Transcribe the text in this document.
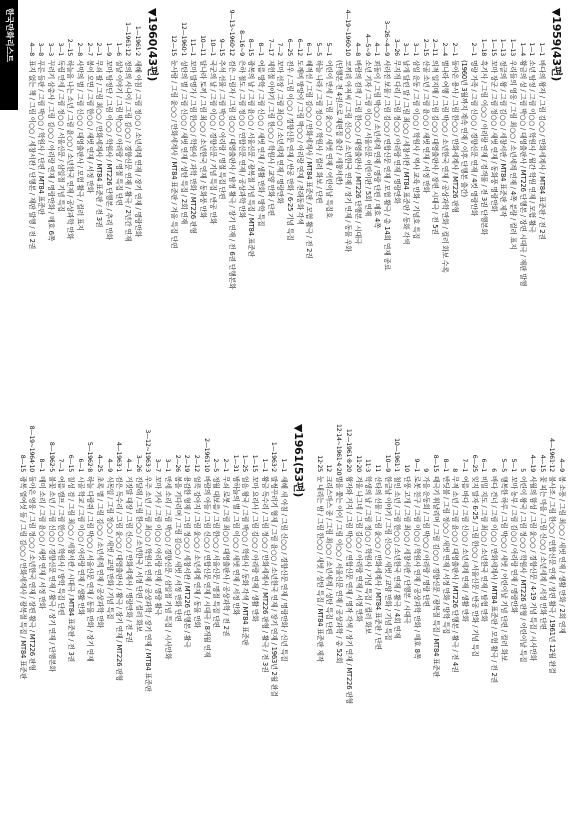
▼1959(43편)
1—1
바다의 왕자 / 그림 김○○ / 만화세계사 / MT84 표준판 / 전 2권
1—1
소년 탐정 / 그림 이○○ / 학원사 / 월간 학원 연재 / 모험 활극
1—4
황금의 성 / 그림 박○○ / 대영출판사 / MT226 단행본 / 장편 시대극 / 재판 발행
1—13
우리들의 영웅 / 그림 최○○ / 소년세계 연재 / 4쪽 분량 / 컬러 표지
1—13
정글의 왕 / 그림 김○○ / 세창서관 / MT84 표준판 제작
1—15
꼬마 장군 / 그림 정○○ / 새벗 연재 / 동화풍 명랑만화
1—18
흑기사 / 그림 이○○ / 아리랑 연재 / 검객물 / 전 3권 단행본화
2—1
명랑 가족 / 그림 신○○ / 경향신문 연재 / 4컷 명랑만화
(1960년 3월까지 계속 연재 / 이후 단행본 출간)
2—1
돌아온 용사 / 그림 한○○ / 만화세계사 / MT226 판형
2—4
별나라 여행 / 그림 박○○ / 소년한국 연재 / 공상과학 만화 / 컬러 화보 수록
2—11
의적 일지매 / 그림 김○○ / 대영출판사 / 장편 시대극 / 전 5권
2—15
산골 소년 / 그림 윤○○ / 새벗 연재 / 서정 만화
3—1
삼일 운동 / 그림 이○○ / 학원사 / 역사 교육 만화 / 기념호 특집
3—1
날개 달린 말 / 그림 최○○ / 세창서관 / MT84 표준판 / 동화 각색
3—26
무지개 다리 / 그림 정○○ / 아리랑 연재 / 명랑만화
3—26~4—9
사라진 보물 / 그림 김○○ / 연합신문 연재 / 모험 활극 / 총 14회 연재 종료
4—1
꾀돌이 / 그림 박○○ / 소년세계 연재 / 명랑 단편 / 매호 4쪽
4—5~9
소년 기자 / 그림 이○○ / 서울신문 어린이판 / 5회 연재
4—8
바람의 검객 / 그림 한○○ / 대영출판사 / MT226 단행본 / 시대극
4—19~1960·10
코끼리 아저씨 / 그림 신○○ / 소년한국 연재 / 장기 연재 / 동물 우화
(단행본 전 4권으로 재편집 출간 / 세창서관)
5—1
어린이 만세 / 그림 윤○○ / 새벗 연재 / 어린이날 특집호
5—5
하늘 나라 / 그림 정○○ / 학원사 / 컬러 화보 / 단편
6—1
해적선 / 그림 김○○ / 만화세계사 / MT84 표준판 / 모험 활극 / 전 2권
6—12
도깨비 방망이 / 그림 박○○ / 아리랑 연재 / 전래동화 각색
6—25
전우 / 그림 이○○ / 경향신문 연재 / 반공 만화 / 6·25 기념 특집
7—2
꼬마 선장 / 그림 최○○ / 소년세계 연재 / 명랑만화
7—17
제헌절 이야기 / 그림 한○○ / 학원사 / 교양 만화 / 단편
8—1
여름 방학 / 그림 신○○ / 새벗 연재 / 생활 만화 / 방학 특집
8—15
광복의 날 / 그림 윤○○ / 서울신문 / 광복절 기념 특집 / MT84 표준판
8—16~9
은하 철도 / 그림 정○○ / 연합신문 연재 / 공상과학 만화
9—13~1960·12
검은 그림자 / 그림 김○○ / 대영출판사 / 탐정 활극 / 장기 연재 / 전 6권 단행본화
9—15
추석 선물 / 그림 박○○ / 아리랑 / 명절 특집 단편
10—1
국군의 날 / 그림 이○○ / 경향신문 / 기념 특집 / 반공 만화
10—11
달나라 토끼 / 그림 최○○ / 소년한국 연재 / 동화풍 만화
11—1
꼬마 발명가 / 그림 한○○ / 학원사 / 과학 만화 / MT226 판형
12—1960·1
성탄의 별 / 그림 신○○ / 새벗 연재 / 성탄 특집 / 2회 연재
12—15
눈사람 / 그림 윤○○ / 만화세계사 / MT84 표준판 / 겨울 특집 단편
▼1960(43편)
1—1961·2
새해 아침 / 그림 정○○ / 소년세계 연재 / 장기 연재 / 명랑만화
1—1961·12
정의의 사나이 / 그림 김○○ / 경향신문 연재 / 활극 / 2년간 연재
1—6
설날 이야기 / 그림 박○○ / 아리랑 / 명절 특집 단편
1—9
꼬마 탐정단 / 그림 이○○ / 학원사 / MT226 단행본 / 추리 만화
2—1
무쇠 팔 / 그림 최○○ / 만화세계사 / MT84 표준판 / 전 3권
2—7
봄이 오면 / 그림 한○○ / 새벗 연재 / 서정 만화
2—8
사막의 별 / 그림 신○○ / 대영출판사 / 모험 활극 / 컬러 표지
2—15
하늘을 나는 소년 / 그림 윤○○ / 소년한국 연재 / 공상과학 만화
3—1
독립 만세 / 그림 정○○ / 서울신문 / 삼일절 기념 특집
3—3
꾸러기 삼총사 / 그림 김○○ / 아리랑 연재 / 명랑만화 / 매호 6쪽
3—8
푸른 들판 / 그림 박○○ / 학원사 / 단편 / MT84 표준판
4—8
표지 없는 책 / 그림 이○○ / 세창서관 / 단행본 / 재판 발행 / 전 2권
4—9
봄 소풍 / 그림 최○○ / 새벗 연재 / 생활 만화 / 2회 연재
4—1961·12
불사조 / 그림 한○○ / 연합신문 연재 / 장편 활극 / 1961년 12월 완결
4—15
꽃 피는 마을 / 그림 신○○ / 소년세계 / 서정 만화 단편
4—19
사월의 함성 / 그림 윤○○ / 경향신문 / 4·19 기념 특집 / 시사만화
5
어린이 왕국 / 그림 정○○ / 학원사 / MT226 판형 / 어린이날 특집
5—1
꼬마 농부 / 그림 김○○ / 아리랑 연재 / 명랑만화
5—5
행복한 하루 / 그림 박○○ / 새벗 / 어린이날 기념 단편 / 컬러 화보
6
바다 건너 / 그림 이○○ / 만화세계사 / MT84 표준판 / 모험 활극 / 전 2권
6—1
비밀 지도 / 그림 최○○ / 소년한국 연재 / 탐험 만화
6—25
잊지 말자 6·25 / 그림 한○○ / 서울신문 / 반공 만화 / 기념 특집
7—1
여름 바다 / 그림 신○○ / 소년세계 연재 / 생활 만화
8
무적 소년 / 그림 윤○○ / 대영출판사 / MT226 단행본 / 활극 / 전 4권
8—1
반딧불 / 그림 정○○ / 새벗 연재 / 서정 만화 / 방학 특집
8—15
태극기 휘날리며 / 그림 김○○ / 경향신문 / 광복절 특집 / MT84 표준판
9
가을 운동회 / 그림 박○○ / 아리랑 / 명랑 단편
9—1
로봇 친구 / 그림 이○○ / 학원사 연재 / 공상과학 만화 / 매호 8쪽
10
단풍 고개 / 그림 최○○ / 세창서관 / 단행본 / 시대극
10—1961·1
철인 소년 / 그림 한○○ / 소년한국 연재 / 활극 / 4회 연재
10—9
한글날 이야기 / 그림 신○○ / 새벗 / 교양 만화 / 기념 특집
11
산타의 선물 / 그림 윤○○ / 만화세계사 / MT84 표준판 / 단편
11·3
학생의 날 / 그림 정○○ / 학원사 / 기념 특집 / 컬러 화보
11·20
겨울 나그네 / 그림 김○○ / 아리랑 연재 / 서정 만화
12—1961·8·20
왕자와 거지 / 그림 박○○ / 연합신문 연재 / 명작 각색 / 장기 연재 / MT226 판형
12·14~1961·4·20
별을 쫓는 아이 / 그림 이○○ / 서울신문 연재 / 공상과학 / 총 52회
12
크리스마스 종 / 그림 최○○ / 소년세계 / 성탄 특집 단편
12·25
눈 내리는 밤 / 그림 한○○ / 새벗 / 성탄 특집 / MT84 표준판 제작
▼1961(53편)
1—1
새해 새 아침 / 그림 신○○ / 경향신문 연재 / 명랑만화 / 신년 특집
1—1963·2
말썽꾸러기 형제 / 그림 윤○○ / 소년한국 연재 / 장기 연재 / 1963년 2월 완결
1—1
황금 독수리 / 그림 정○○ / 만화세계사 / MT226 판형 / 활극 / 전 3권
1—15
꼬마 요리사 / 그림 김○○ / 아리랑 연재 / 생활 만화
1—25
얼음 왕국 / 그림 박○○ / 학원사 / 동화 각색 / MT84 표준판
1—31
밤하늘의 별 / 그림 이○○ / 새벗 연재 / 서정 만화
2—1
무쇠 로봇 / 그림 최○○ / 대영출판사 / 공상과학 / 전 2권
2—5
정월 대보름 / 그림 한○○ / 서울신문 / 명절 특집 단편
2—1961·10
바람의 아들 / 그림 신○○ / 연합신문 연재 / 시대극 / 8개월 연재
2—12
얼룩 강아지 / 그림 윤○○ / 소년세계 연재 / 동물 만화
2—19
용감한 형제 / 그림 정○○ / 세창서관 / MT226 단행본 / 활극
2—26
봄을 기다리며 / 그림 김○○ / 새벗 / 서정 만화 단편
3—1
만세 소리 / 그림 박○○ / 경향신문 / 삼일절 기념 특집 / 시사만화
3—7
꼬마 기사 / 그림 이○○ / 아리랑 연재 / 명랑 활극
3—12~1963·3
우주 소년 / 그림 최○○ / 학원사 연재 / 공상과학 / 장기 연재 / MT84 표준판
3—26
진달래 / 그림 한○○ / 소년한국 / 서정 단편 / 컬러 화보
4—1
거짓말 대장 / 그림 신○○ / 만화세계사 / 명랑만화 / 전 2권
4—1963·1
검은 독수리 / 그림 윤○○ / 대영출판사 / 활극 / 장기 연재 / MT226 판형
4—9
식목일 / 그림 정○○ / 새벗 / 교양 만화 / 기념 특집
4—25
초록 별 / 그림 김○○ / 소년세계 연재 / 공상과학 만화
5—1962·8
하늘 다람쥐 / 그림 박○○ / 서울신문 연재 / 동물 만화 / 장기 연재
6—1
시골 학교 / 그림 이○○ / 아리랑 연재 / 생활 만화
6—15
칠성 검 / 그림 최○○ / 세창서관 / 시대극 / MT84 표준판 / 전 3권
7—1
여름 캠프 / 그림 한○○ / 학원사 / 방학 특집 단편
8—1962·5
불꽃 소년 / 그림 신○○ / 경향신문 연재 / 활극 / 장기 연재 / 단행본화
8—1
매미 소리 / 그림 윤○○ / 새벗 연재 / 서정 만화
8—19~1964·10
돌아온 영웅 / 그림 정○○ / 소년한국 연재 / 장편 활극 / MT226 판형
8—15
광복 열여섯 돌 / 그림 김○○ / 만화세계사 / 광복절 특집 / MT84 표준판
한국만화리스트
